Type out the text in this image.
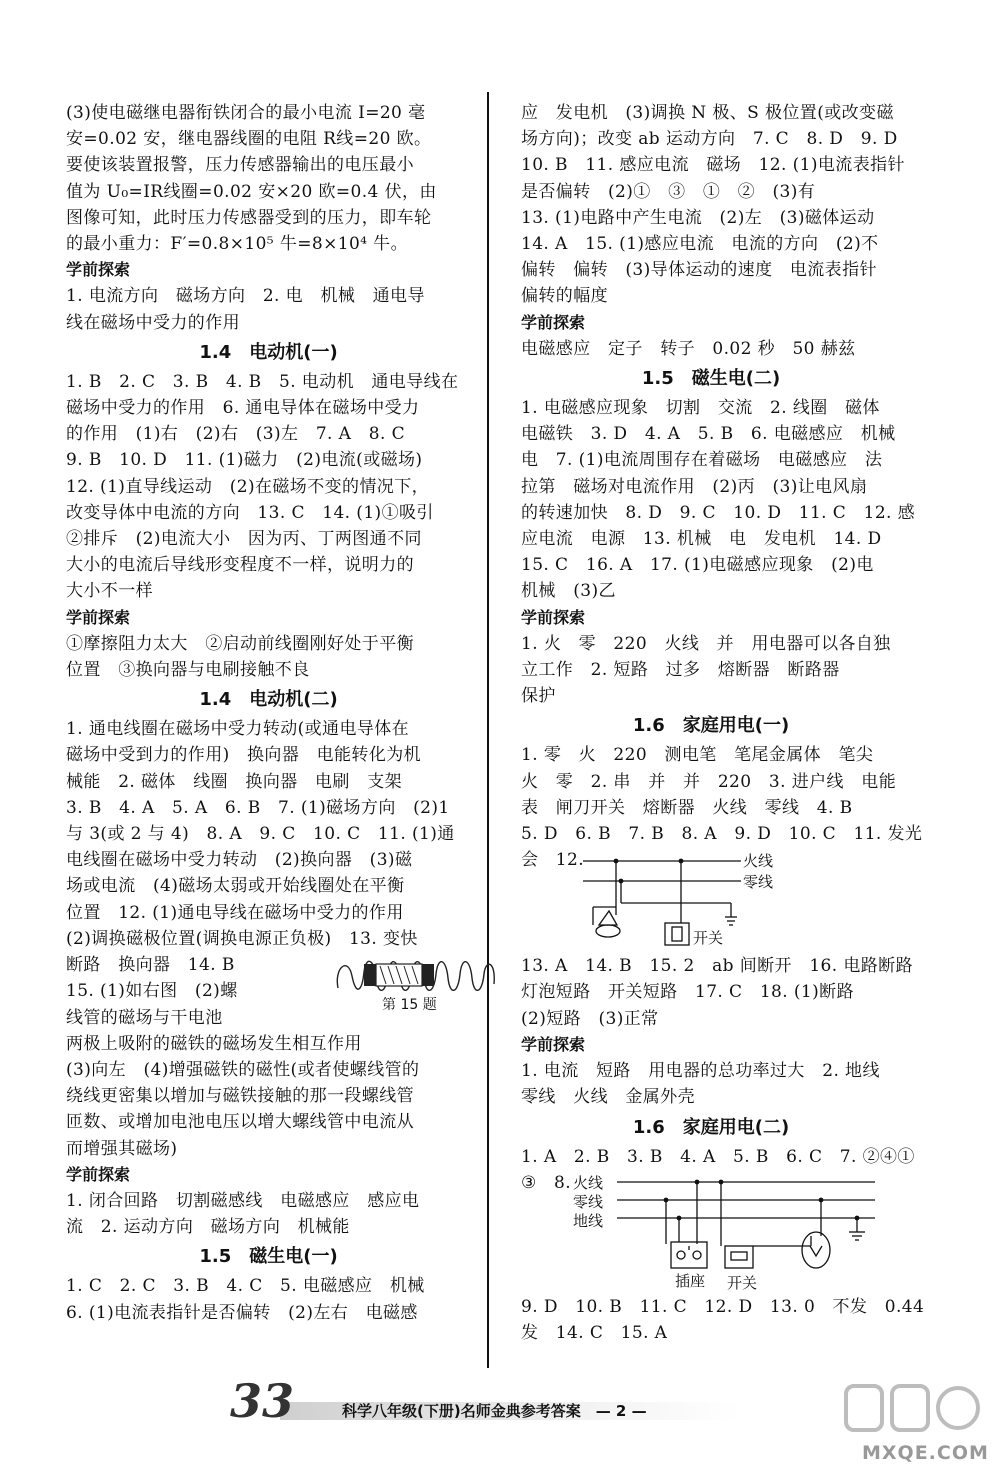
(3)使电磁继电器衔铁闭合的最小电流 I=20 毫
安=0.02 安，继电器线圈的电阻 R线=20 欧。
要使该装置报警，压力传感器输出的电压最小
值为 U₀=IR线圈=0.02 安×20 欧=0.4 伏，由
图像可知，此时压力传感器受到的压力，即车轮
的最小重力：F′=0.8×10⁵ 牛=8×10⁴ 牛。
学前探索
1. 电流方向　磁场方向　2. 电　机械　通电导
线在磁场中受力的作用
1.4　电动机(一)
1. B　2. C　3. B　4. B　5. 电动机　通电导线在
磁场中受力的作用　6. 通电导体在磁场中受力
的作用　(1)右　(2)右　(3)左　7. A　8. C
9. B　10. D　11. (1)磁力　(2)电流(或磁场)
12. (1)直导线运动　(2)在磁场不变的情况下，
改变导体中电流的方向　13. C　14. (1)①吸引
②排斥　(2)电流大小　因为丙、丁两图通不同
大小的电流后导线形变程度不一样，说明力的
大小不一样
学前探索
①摩擦阻力太大　②启动前线圈刚好处于平衡
位置　③换向器与电刷接触不良
1.4　电动机(二)
1. 通电线圈在磁场中受力转动(或通电导体在
磁场中受到力的作用)　换向器　电能转化为机
械能　2. 磁体　线圈　换向器　电刷　支架
3. B　4. A　5. A　6. B　7. (1)磁场方向　(2)1
与 3(或 2 与 4)　8. A　9. C　10. C　11. (1)通
电线圈在磁场中受力转动　(2)换向器　(3)磁
场或电流　(4)磁场太弱或开始线圈处在平衡
位置　12. (1)通电导线在磁场中受力的作用
(2)调换磁极位置(调换电源正负极)　13. 变快
断路　换向器　14. B
15. (1)如右图　(2)螺
线管的磁场与干电池
第 15 题
两极上吸附的磁铁的磁场发生相互作用
(3)向左　(4)增强磁铁的磁性(或者使螺线管的
绕线更密集以增加与磁铁接触的那一段螺线管
匝数、或增加电池电压以增大螺线管中电流从
而增强其磁场)
学前探索
1. 闭合回路　切割磁感线　电磁感应　感应电
流　2. 运动方向　磁场方向　机械能
1.5　磁生电(一)
1. C　2. C　3. B　4. C　5. 电磁感应　机械
6. (1)电流表指针是否偏转　(2)左右　电磁感
应　发电机　(3)调换 N 极、S 极位置(或改变磁
场方向)；改变 ab 运动方向　7. C　8. D　9. D
10. B　11. 感应电流　磁场　12. (1)电流表指针
是否偏转　(2)①　③　①　②　(3)有
13. (1)电路中产生电流　(2)左　(3)磁体运动
14. A　15. (1)感应电流　电流的方向　(2)不
偏转　偏转　(3)导体运动的速度　电流表指针
偏转的幅度
学前探索
电磁感应　定子　转子　0.02 秒　50 赫兹
1.5　磁生电(二)
1. 电磁感应现象　切割　交流　2. 线圈　磁体
电磁铁　3. D　4. A　5. B　6. 电磁感应　机械
电　7. (1)电流周围存在着磁场　电磁感应　法
拉第　磁场对电流作用　(2)丙　(3)让电风扇
的转速加快　8. D　9. C　10. D　11. C　12. 感
应电流　电源　13. 机械　电　发电机　14. D
15. C　16. A　17. (1)电磁感应现象　(2)电
机械　(3)乙
学前探索
1. 火　零　220　火线　并　用电器可以各自独
立工作　2. 短路　过多　熔断器　断路器
保护
1.6　家庭用电(一)
1. 零　火　220　测电笔　笔尾金属体　笔尖
火　零　2. 串　并　并　220　3. 进户线　电能
表　闸刀开关　熔断器　火线　零线　4. B
5. D　6. B　7. B　8. A　9. D　10. C　11. 发光
会　12.	火线
零线
开关
13. A　14. B　15. 2　ab 间断开　16. 电路断路
灯泡短路　开关短路　17. C　18. (1)断路
(2)短路　(3)正常
学前探索
1. 电流　短路　用电器的总功率过大　2. 地线
零线　火线　金属外壳
1.6　家庭用电(二)
1. A　2. B　3. B　4. A　5. B　6. C　7. ②④①
③　8. 火线
零线
地线
插座 开关
9. D　10. B　11. C　12. D　13. 0　不发　0.44
发　14. C　15. A
33	科学八年级(下册)名师金典参考答案　— 2 —
MXQE.COM
